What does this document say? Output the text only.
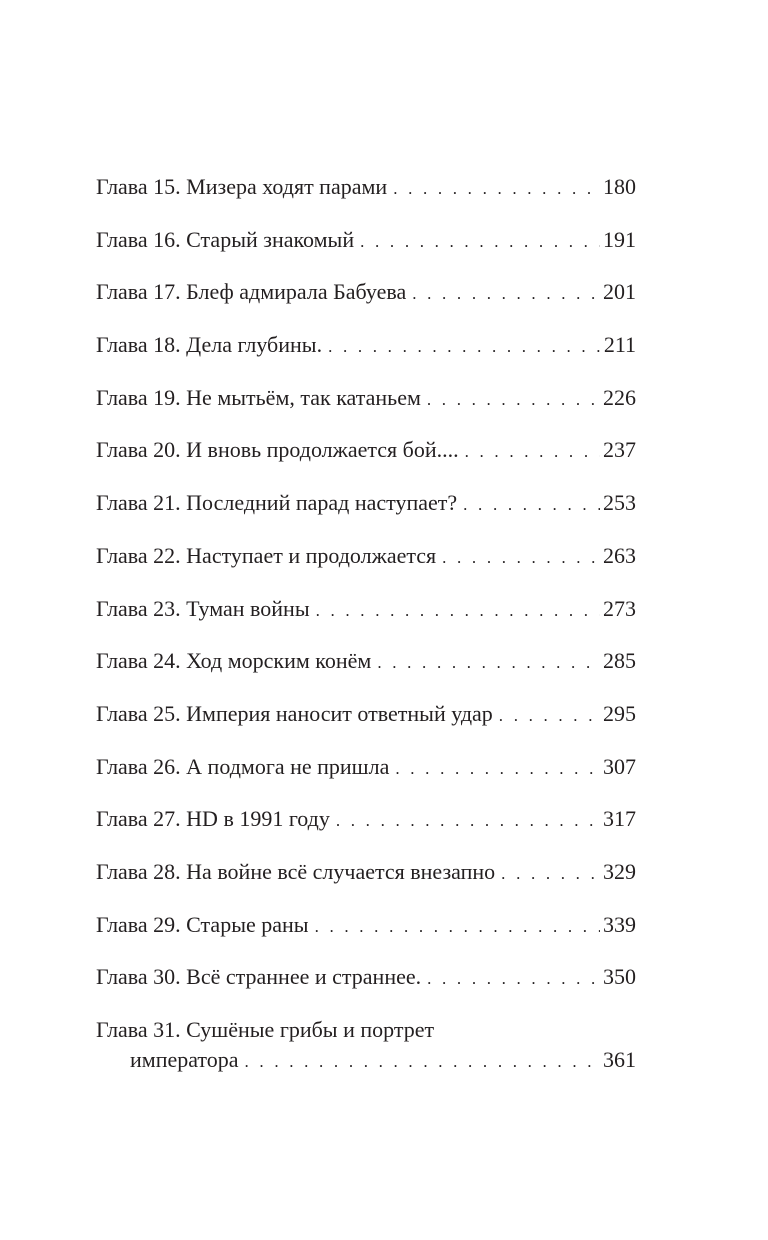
Глава 15. Мизера ходят парами . . .	180
Глава 16. Старый знакомый . . .	191
Глава 17. Блеф адмирала Бабуева . . .	201
Глава 18. Дела глубины. . . .	211
Глава 19. Не мытьём, так катаньем . . .	226
Глава 20. И вновь продолжается бой.... . . .	237
Глава 21. Последний парад наступает? . . .	253
Глава 22. Наступает и продолжается . . .	263
Глава 23. Туман войны . . .	273
Глава 24. Ход морским конём . . .	285
Глава 25. Империя наносит ответный удар . . .	295
Глава 26. А подмога не пришла . . .	307
Глава 27. HD в 1991 году . . .	317
Глава 28. На войне всё случается внезапно . . .	329
Глава 29. Старые раны . . .	339
Глава 30. Всё страннее и страннее. . . .	350
Глава 31. Сушёные грибы и портрет
императора . . .	361
